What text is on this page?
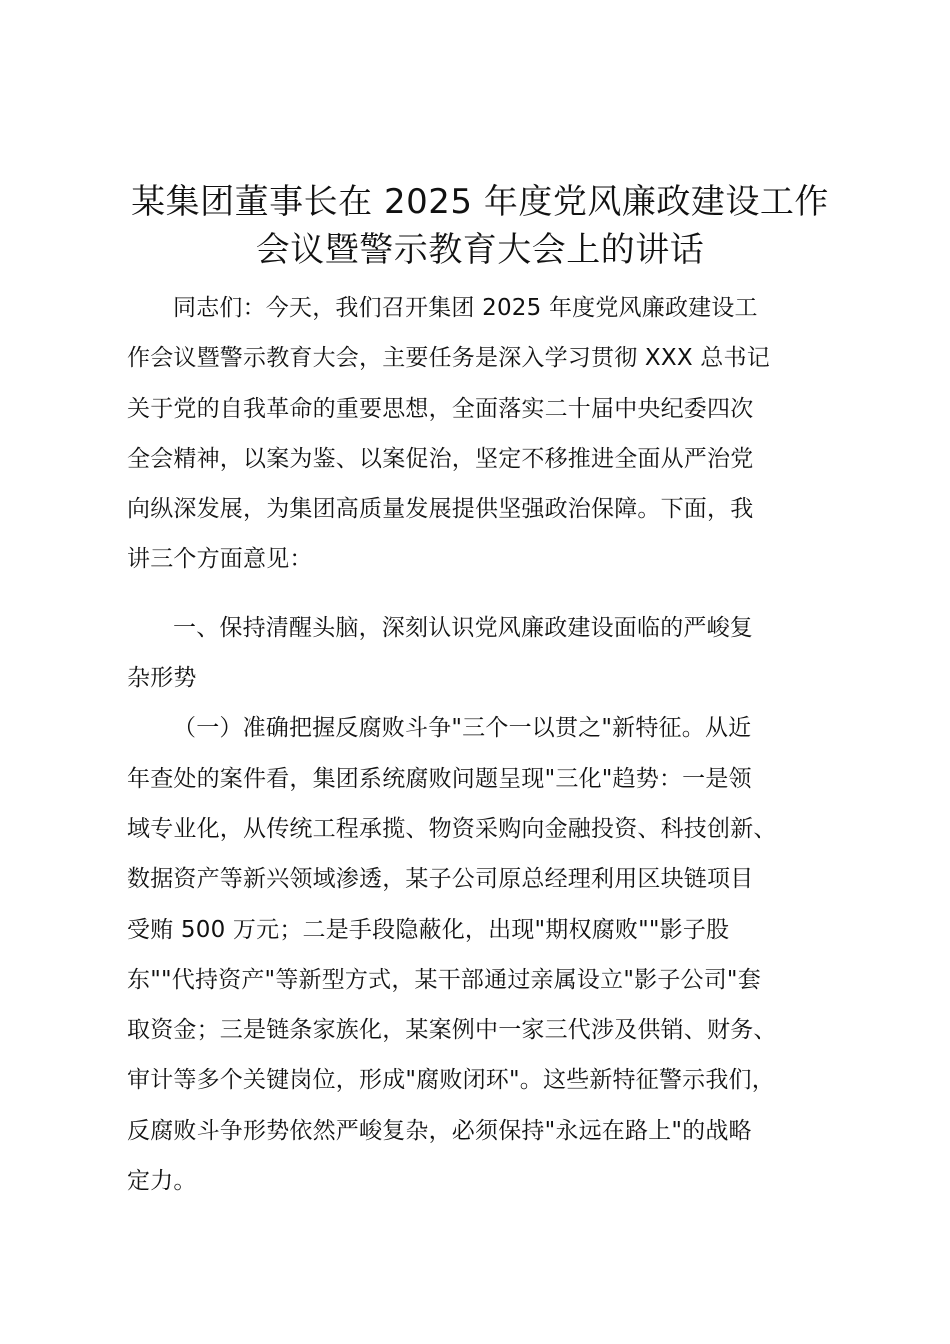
某集团董事长在 2025 年度党风廉政建设工作
会议暨警示教育大会上的讲话
同志们：今天，我们召开集团 2025 年度党风廉政建设工
作会议暨警示教育大会，主要任务是深入学习贯彻 XXX 总书记
关于党的自我革命的重要思想，全面落实二十届中央纪委四次
全会精神，以案为鉴、以案促治，坚定不移推进全面从严治党
向纵深发展，为集团高质量发展提供坚强政治保障。下面，我
讲三个方面意见：
一、保持清醒头脑，深刻认识党风廉政建设面临的严峻复
杂形势
（一）准确把握反腐败斗争"三个一以贯之"新特征。从近
年查处的案件看，集团系统腐败问题呈现"三化"趋势：一是领
域专业化，从传统工程承揽、物资采购向金融投资、科技创新、
数据资产等新兴领域渗透，某子公司原总经理利用区块链项目
受贿 500 万元；二是手段隐蔽化，出现"期权腐败""影子股
东""代持资产"等新型方式，某干部通过亲属设立"影子公司"套
取资金；三是链条家族化，某案例中一家三代涉及供销、财务、
审计等多个关键岗位，形成"腐败闭环"。这些新特征警示我们，
反腐败斗争形势依然严峻复杂，必须保持"永远在路上"的战略
定力。
